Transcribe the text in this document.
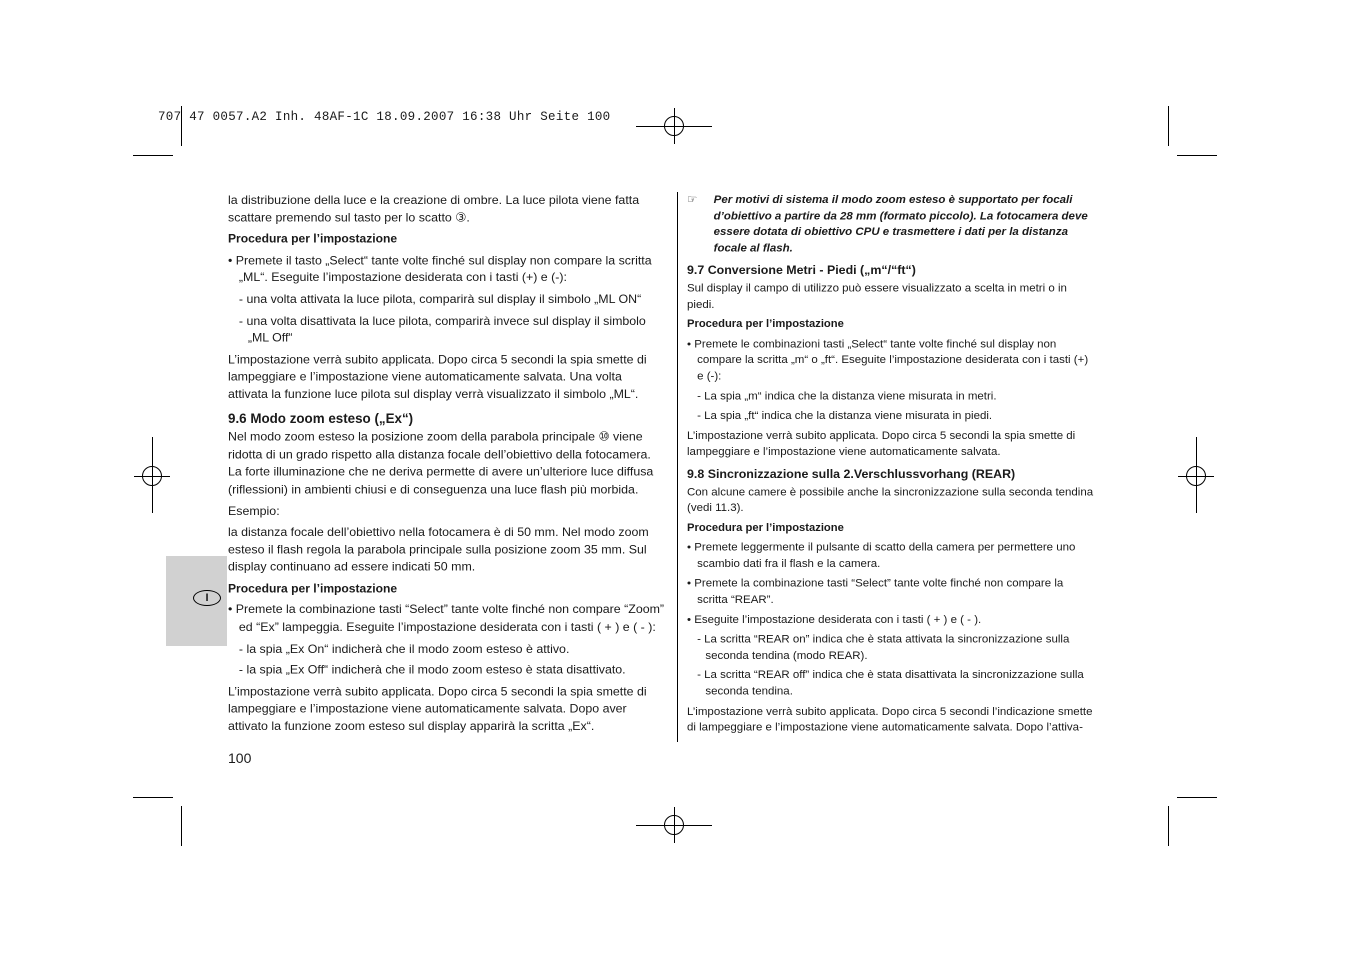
707 47 0057.A2 Inh. 48AF-1C 18.09.2007 16:38 Uhr Seite 100
I

la distribuzione della luce e la creazione di ombre. La luce pilota viene fatta scattare premendo sul tasto per lo scatto ③.

Procedura per l’impostazione

• Premete il tasto „Select“ tante volte finché sul display non compare la scritta „ML“. Eseguite l’impostazione desiderata con i tasti (+) e (-):

- una volta attivata la luce pilota, comparirà sul display il simbolo „ML ON“

- una volta disattivata la luce pilota, comparirà invece sul display il simbolo „ML Off“

L’impostazione verrà subito applicata. Dopo circa 5 secondi la spia smette di lampeggiare e l’impostazione viene automaticamente salvata. Una volta attivata la funzione luce pilota sul display verrà visualizzato il simbolo „ML“.

9.6 Modo zoom esteso („Ex“)

Nel modo zoom esteso la posizione zoom della parabola principale ⑩ viene ridotta di un grado rispetto alla distanza focale dell’obiettivo della fotocamera. La forte illuminazione che ne deriva permette di avere un’ulteriore luce diffusa (riflessioni) in ambienti chiusi e di conseguenza una luce flash più morbida.

Esempio:

la distanza focale dell’obiettivo nella fotocamera è di 50 mm. Nel modo zoom esteso il flash regola la parabola principale sulla posizione zoom 35 mm. Sul display continuano ad essere indicati 50 mm.

Procedura per l’impostazione

• Premete la combinazione tasti “Select” tante volte finché non compare “Zoom” ed “Ex” lampeggia. Eseguite l’impostazione desiderata con i tasti ( + ) e ( - ):

- la spia „Ex On“ indicherà che il modo zoom esteso è attivo.

- la spia „Ex Off“ indicherà che il modo zoom esteso è stata disattivato.

L’impostazione verrà subito applicata. Dopo circa 5 secondi la spia smette di lampeggiare e l’impostazione viene automaticamente salvata. Dopo aver attivato la funzione zoom esteso sul display apparirà la scritta „Ex“.

☞ Per motivi di sistema il modo zoom esteso è supportato per focali d’obiettivo a partire da 28 mm (formato piccolo). La fotocamera deve essere dotata di obiettivo CPU e trasmettere i dati per la distanza focale al flash.

9.7 Conversione Metri - Piedi („m“/“ft“)

Sul display il campo di utilizzo può essere visualizzato a scelta in metri o in piedi.

Procedura per l’impostazione

• Premete le combinazioni tasti „Select“ tante volte finché sul display non compare la scritta „m“ o „ft“. Eseguite l’impostazione desiderata con i tasti (+) e (-):

- La spia „m“ indica che la distanza viene misurata in metri.

- La spia „ft“ indica che la distanza viene misurata in piedi.

L’impostazione verrà subito applicata. Dopo circa 5 secondi la spia smette di lampeggiare e l’impostazione viene automaticamente salvata.

9.8 Sincronizzazione sulla 2.Verschlussvorhang (REAR)

Con alcune camere è possibile anche la sincronizzazione sulla seconda tendina (vedi 11.3).

Procedura per l’impostazione

• Premete leggermente il pulsante di scatto della camera per permettere uno scambio dati fra il flash e la camera.

• Premete la combinazione tasti “Select” tante volte finché non compare la scritta “REAR”.

• Eseguite l’impostazione desiderata con i tasti ( + ) e ( - ).

- La scritta “REAR on” indica che è stata attivata la sincronizzazione sulla seconda tendina (modo REAR).

- La scritta “REAR off” indica che è stata disattivata la sincronizzazione sulla seconda tendina.

L’impostazione verrà subito applicata. Dopo circa 5 secondi l’indicazione smette di lampeggiare e l’impostazione viene automaticamente salvata. Dopo l’attiva-

100
